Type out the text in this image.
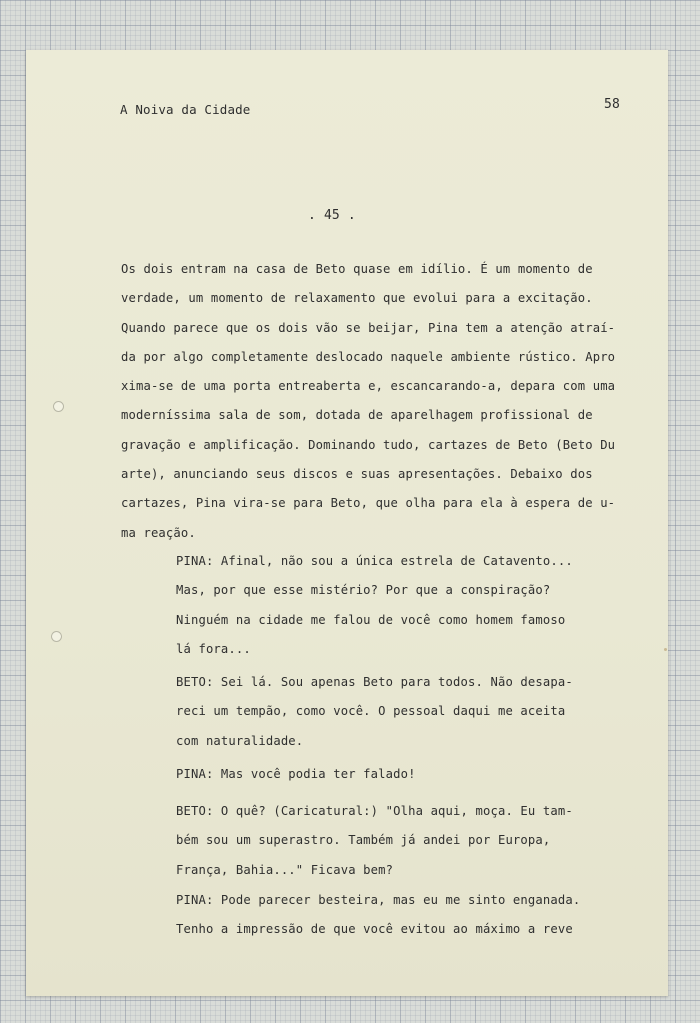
A Noiva da Cidade	58
. 45 .
Os dois entram na casa de Beto quase em idílio. É um momento de
verdade, um momento de relaxamento que evolui para a excitação.
Quando parece que os dois vão se beijar, Pina tem a atenção atraí-
da por algo completamente deslocado naquele ambiente rústico. Apro
xima-se de uma porta entreaberta e, escancarando-a, depara com uma
moderníssima sala de som, dotada de aparelhagem profissional de
gravação e amplificação. Dominando tudo, cartazes de Beto (Beto Du
arte), anunciando seus discos e suas apresentações. Debaixo dos
cartazes, Pina vira-se para Beto, que olha para ela à espera de u-
ma reação.
PINA: Afinal, não sou a única estrela de Catavento...
Mas, por que esse mistério? Por que a conspiração?
Ninguém na cidade me falou de você como homem famoso
lá fora...
BETO: Sei lá. Sou apenas Beto para todos. Não desapa-
reci um tempão, como você. O pessoal daqui me aceita
com naturalidade.
PINA: Mas você podia ter falado!
BETO: O quê? (Caricatural:) "Olha aqui, moça. Eu tam-
bém sou um superastro. Também já andei por Europa,
França, Bahia..." Ficava bem?
PINA: Pode parecer besteira, mas eu me sinto enganada.
Tenho a impressão de que você evitou ao máximo a reve
